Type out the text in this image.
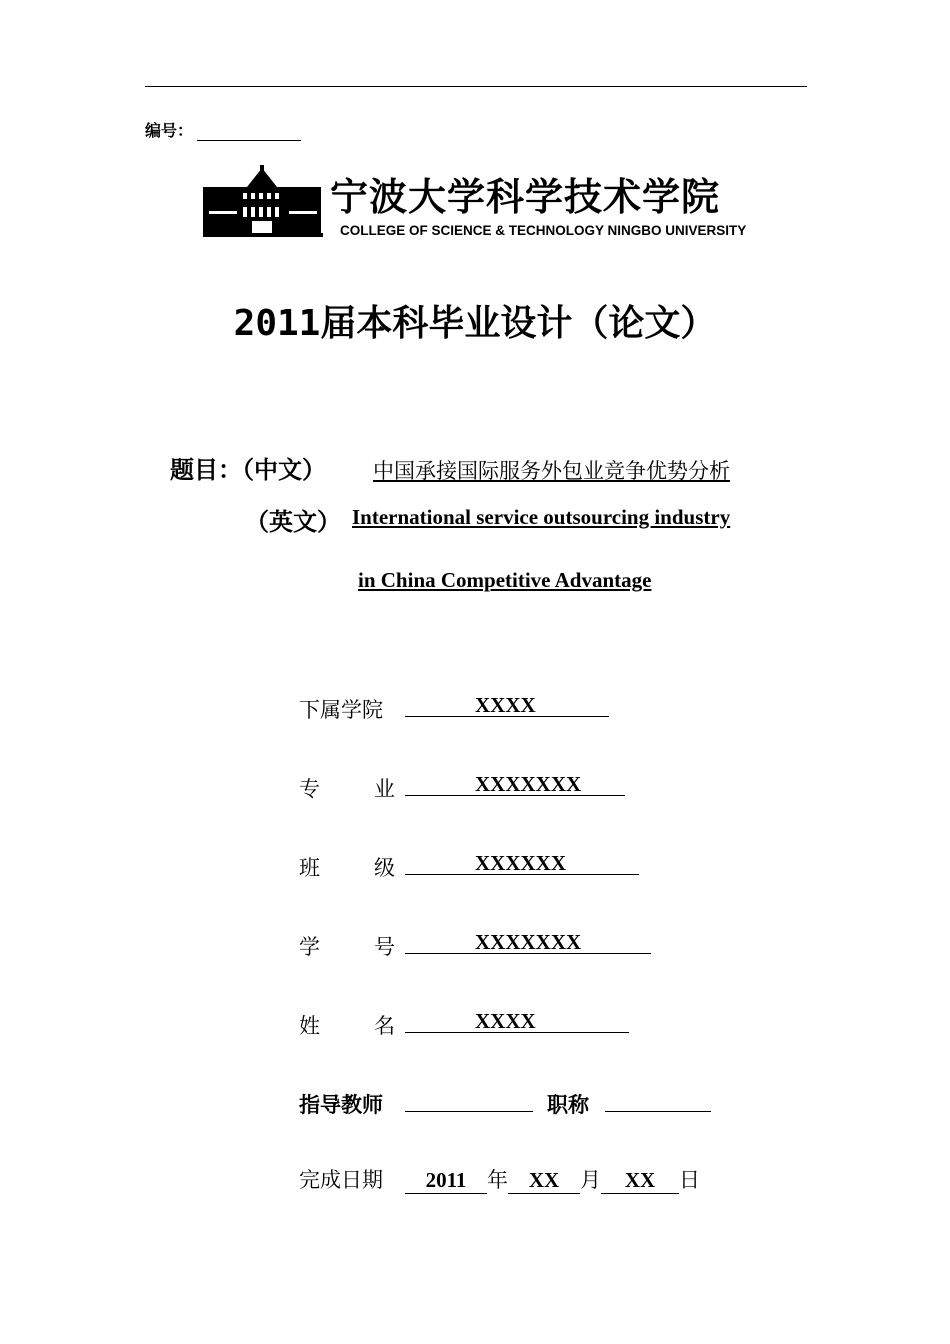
编号：
宁波大学科学技术学院
COLLEGE OF SCIENCE & TECHNOLOGY NINGBO UNIVERSITY
2011届本科毕业设计（论文）
题目：（中文） 中国承接国际服务外包业竞争优势分析
（英文） International service outsourcing industry
in China Competitive Advantage
下属学院	XXXX
专	业	XXXXXXX
班	级	XXXXXX
学	号	XXXXXXX
姓	名	XXXX
指导教师	职称
完成日期	2011 年 XX 月	XX	日
